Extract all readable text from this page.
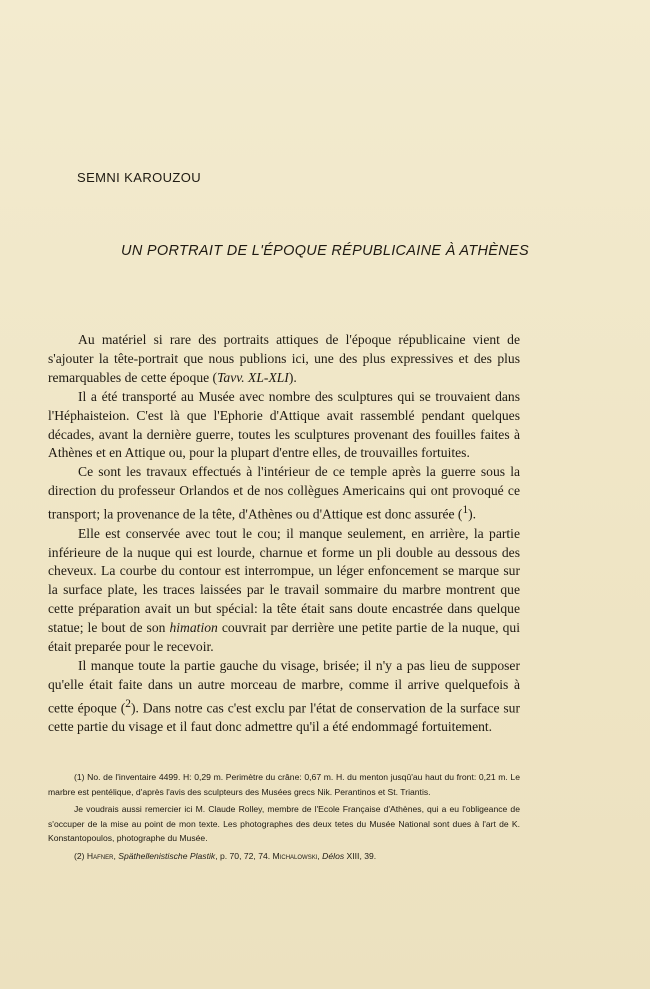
SEMNI KAROUZOU
UN PORTRAIT DE L'ÉPOQUE RÉPUBLICAINE À ATHÈNES

Au matériel si rare des portraits attiques de l'époque républicaine vient de s'ajouter la tête-portrait que nous publions ici, une des plus expressives et des plus remarquables de cette époque (Tavv. XL-XLI).

Il a été transporté au Musée avec nombre des sculptures qui se trouvaient dans l'Héphaisteion. C'est là que l'Ephorie d'Attique avait rassemblé pendant quelques décades, avant la dernière guerre, toutes les sculptures provenant des fouilles faites à Athènes et en Attique ou, pour la plupart d'entre elles, de trouvailles fortuites.

Ce sont les travaux effectués à l'intérieur de ce temple après la guerre sous la direction du professeur Orlandos et de nos collègues Americains qui ont provoqué ce transport; la provenance de la tête, d'Athènes ou d'Attique est donc assurée ($^1$).

Elle est conservée avec tout le cou; il manque seulement, en arrière, la partie inférieure de la nuque qui est lourde, charnue et forme un pli double au dessous des cheveux. La courbe du contour est interrompue, un léger enfoncement se marque sur la surface plate, les traces laissées par le travail sommaire du marbre montrent que cette préparation avait un but spécial: la tête était sans doute encastrée dans quelque statue; le bout de son himation couvrait par derrière une petite partie de la nuque, qui était preparée pour le recevoir.

Il manque toute la partie gauche du visage, brisée; il n'y a pas lieu de supposer qu'elle était faite dans un autre morceau de marbre, comme il arrive quelquefois à cette époque ($^2$). Dans notre cas c'est exclu par l'état de conservation de la surface sur cette partie du visage et il faut donc admettre qu'il a été endommagé fortuitement.

(1) No. de l'inventaire 4499. H: 0,29 m. Perimètre du crâne: 0,67 m. H. du menton jusqû'au haut du front: 0,21 m. Le marbre est pentélique, d'après l'avis des sculpteurs des Musées grecs Nik. Perantinos et St. Triantis.

Je voudrais aussi remercier ici M. Claude Rolley, membre de l'Ecole Française d'Athènes, qui a eu l'obligeance de s'occuper de la mise au point de mon texte. Les photographes des deux tetes du Musée National sont dues à l'art de K. Konstantopoulos, photographe du Musée.

(2) Hafner, Späthellenistische Plastik, p. 70, 72, 74. Michalowski, Délos XIII, 39.
